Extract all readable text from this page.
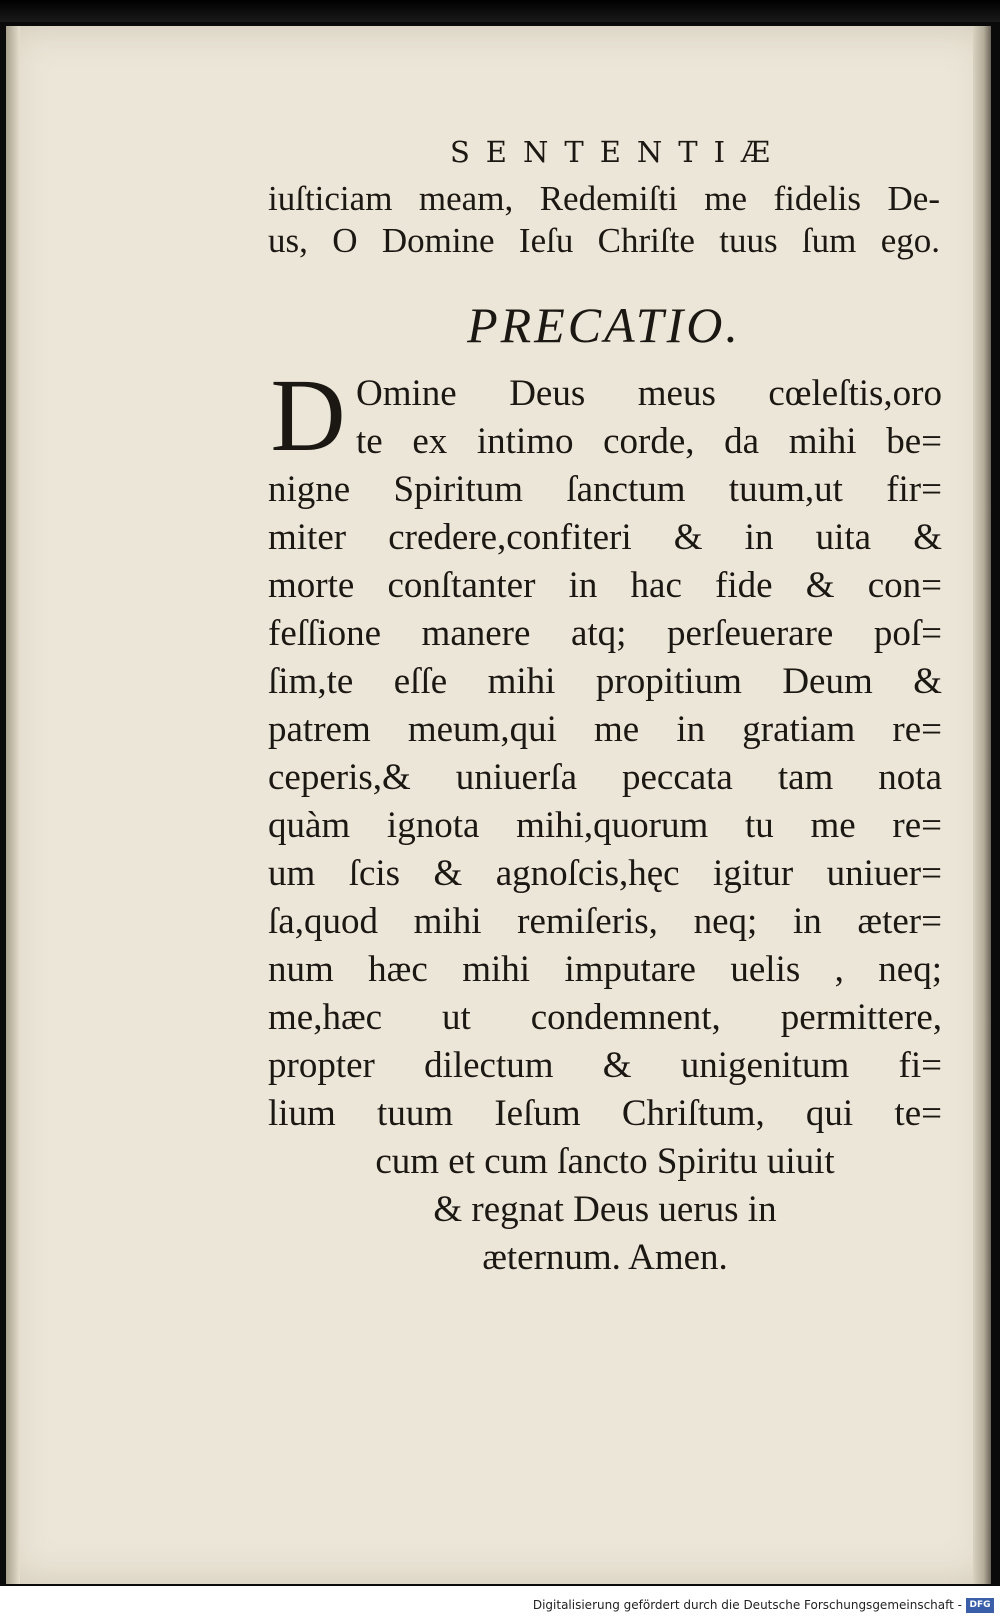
SENTENTIÆ
iuſticiam meam, Redemiſti me fidelis De-
us, O Domine Ieſu Chriſte tuus ſum ego.
PRECATIO.
D Omine Deus meus cœleſtis,oro
te ex intimo corde, da mihi be=
nigne Spiritum ſanctum tuum,ut fir=
miter credere,confiteri & in uita &
morte conſtanter in hac fide & con=
feſſione manere atq; perſeuerare poſ=
ſim,te eſſe mihi propitium Deum &
patrem meum,qui me in gratiam re=
ceperis,& uniuerſa peccata tam nota
quàm ignota mihi,quorum tu me re=
um ſcis & agnoſcis,hęc igitur uniuer=
ſa,quod mihi remiſeris, neq; in æter=
num hæc mihi imputare uelis , neq;
me,hæc ut condemnent, permittere,
propter dilectum & unigenitum fi=
lium tuum Ieſum Chriſtum, qui te=
cum et cum ſancto Spiritu uiuit
& regnat Deus uerus in
æternum. Amen.
Digitalisierung gefördert durch die Deutsche Forschungsgemeinschaft - DFG
